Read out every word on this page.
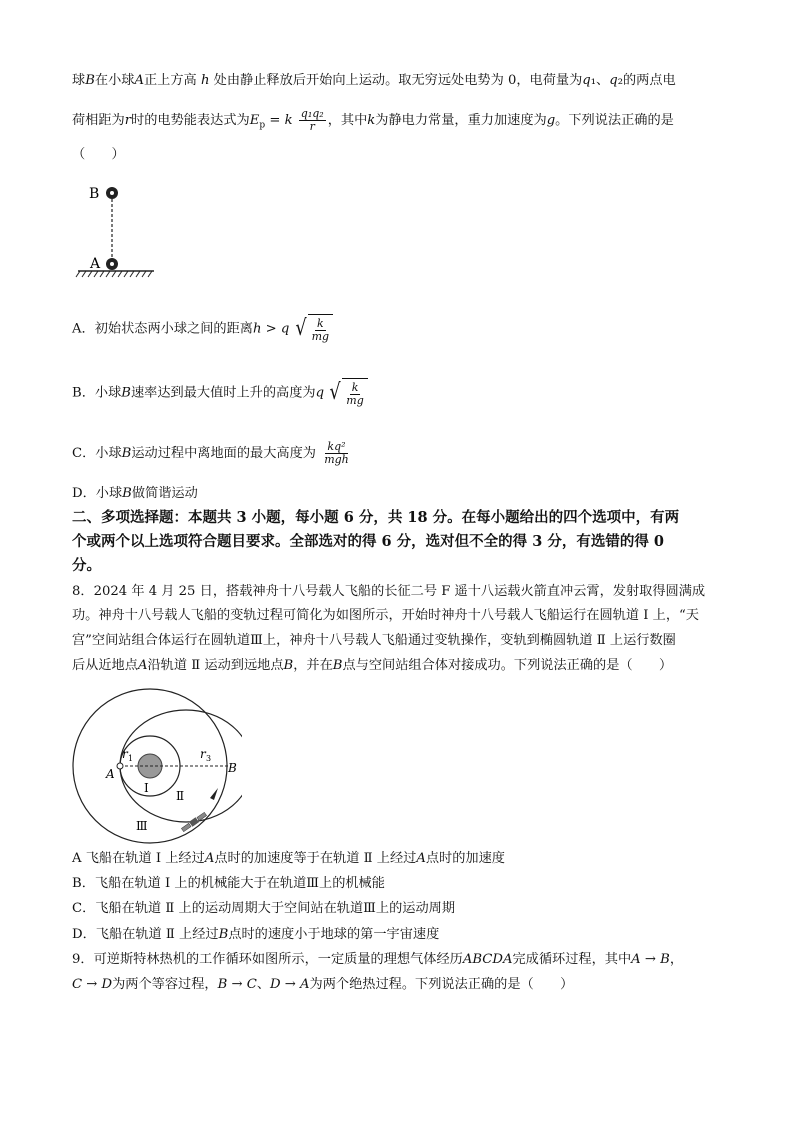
球B在小球A正上方高 h 处由静止释放后开始向上运动。取无穷远处电势为 0，电荷量为q₁、q₂的两点电
荷相距为r时的电势能表达式为$E_p = k \frac{\text{q₁q₂}}{r}$ ，其中k为静电力常量，重力加速度为g。下列说法正确的是
（　　）
B
A
A．初始状态两小球之间的距离h > q √ $\frac{k}{mg}$
B．小球B速率达到最大值时上升的高度为q √ $\frac{k}{mg}$
C．小球B运动过程中离地面的最大高度为 $\frac{\text{kq²}}{\text{mgh}}$
D．小球B做简谐运动
二、多项选择题：本题共 3 小题，每小题 6 分，共 18 分。在每小题给出的四个选项中，有两
个或两个以上选项符合题目要求。全部选对的得 6 分，选对但不全的得 3 分，有选错的得 0
分。
8．2024 年 4 月 25 日，搭载神舟十八号载人飞船的长征二号 F 遥十八运载火箭直冲云霄，发射取得圆满成
功。神舟十八号载人飞船的变轨过程可简化为如图所示，开始时神舟十八号载人飞船运行在圆轨道 Ⅰ 上，“天
宫”空间站组合体运行在圆轨道Ⅲ上，神舟十八号载人飞船通过变轨操作，变轨到椭圆轨道 Ⅱ 上运行数圈
后从近地点A沿轨道 Ⅱ 运动到远地点B，并在B点与空间站组合体对接成功。下列说法正确的是（　　）
r 1	r 3
A	B
Ⅰ
Ⅱ
Ⅲ
A 飞船在轨道 Ⅰ 上经过A点时的加速度等于在轨道 Ⅱ 上经过A点时的加速度
B．飞船在轨道 Ⅰ 上的机械能大于在轨道Ⅲ上的机械能
C．飞船在轨道 Ⅱ 上的运动周期大于空间站在轨道Ⅲ上的运动周期
D．飞船在轨道 Ⅱ 上经过B点时的速度小于地球的第一宇宙速度
9．可逆斯特林热机的工作循环如图所示，一定质量的理想气体经历ABCDA完成循环过程，其中A → B，
C → D为两个等容过程，B → C、D → A为两个绝热过程。下列说法正确的是（　　）
